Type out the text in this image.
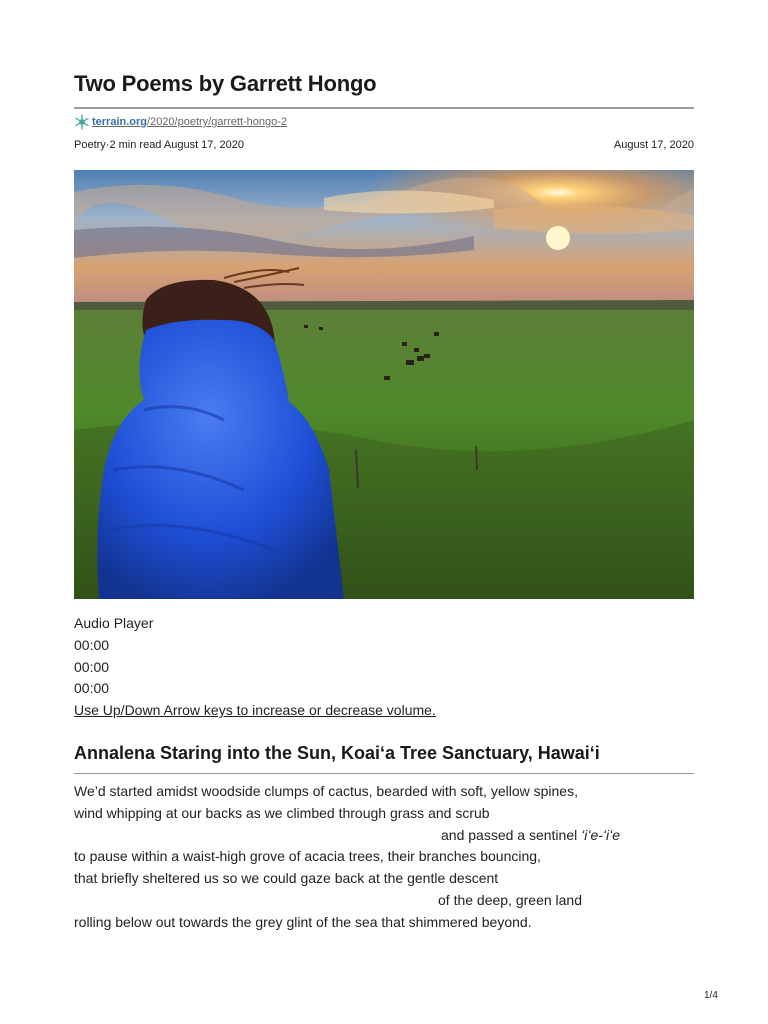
Two Poems by Garrett Hongo
terrain.org/2020/poetry/garrett-hongo-2
Poetry·2 min read August 17, 2020	August 17, 2020
Audio Player
00:00
00:00
00:00
Use Up/Down Arrow keys to increase or decrease volume.
Annalena Staring into the Sun, Koaiʻa Tree Sanctuary, Hawaiʻi
We’d started amidst woodside clumps of cactus, bearded with soft, yellow spines,
wind whipping at our backs as we climbed through grass and scrub
and passed a sentinel ʻiʻe-ʻiʻe
to pause within a waist-high grove of acacia trees, their branches bouncing,
that briefly sheltered us so we could gaze back at the gentle descent
of the deep, green land
rolling below out towards the grey glint of the sea that shimmered beyond.
1/4
